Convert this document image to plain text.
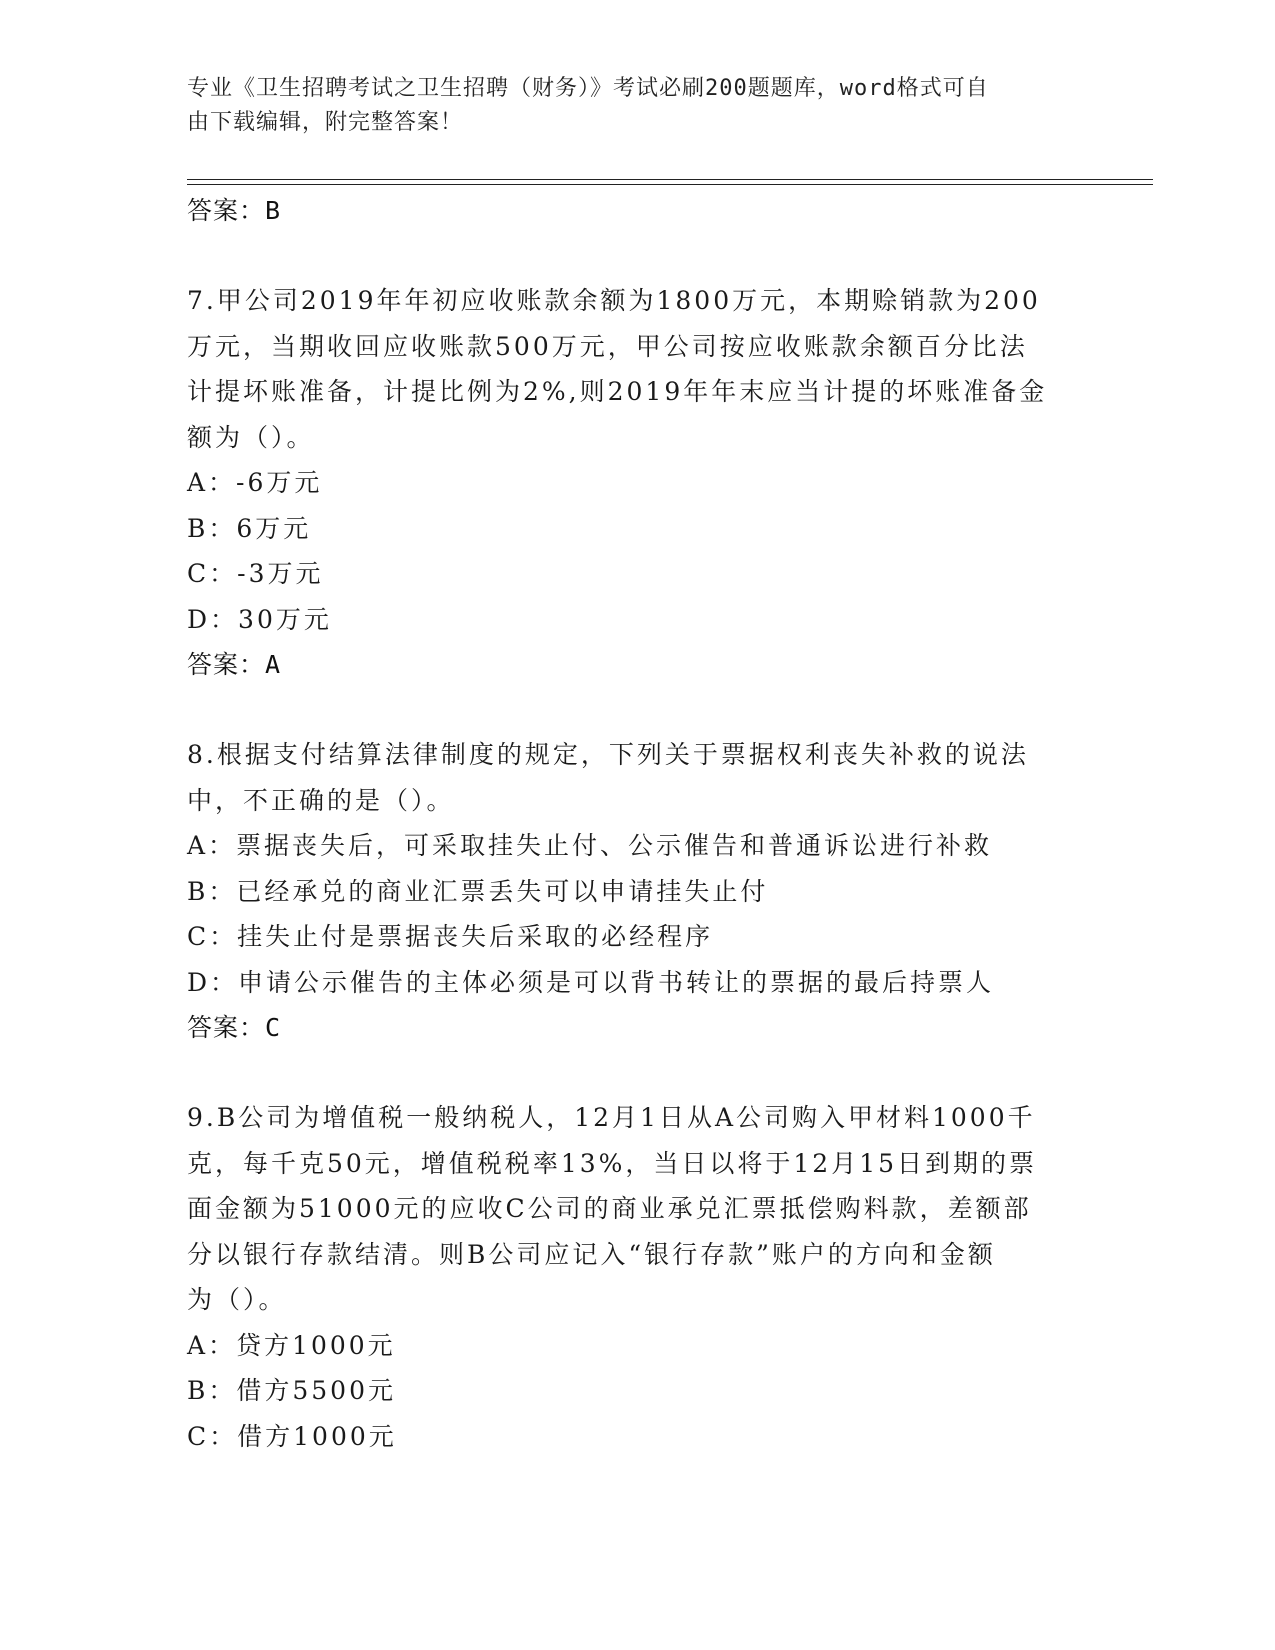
专业《卫生招聘考试之卫生招聘（财务）》考试必刷200题题库，word格式可自
由下载编辑，附完整答案！
答案：B
7.甲公司2019年年初应收账款余额为1800万元，本期赊销款为200
万元，当期收回应收账款500万元，甲公司按应收账款余额百分比法
计提坏账准备，计提比例为2%,则2019年年末应当计提的坏账准备金
额为（）。
A：-6万元
B：6万元
C：-3万元
D：30万元
答案：A
8.根据支付结算法律制度的规定，下列关于票据权利丧失补救的说法
中，不正确的是（）。
A：票据丧失后，可采取挂失止付、公示催告和普通诉讼进行补救
B：已经承兑的商业汇票丢失可以申请挂失止付
C：挂失止付是票据丧失后采取的必经程序
D：申请公示催告的主体必须是可以背书转让的票据的最后持票人
答案：C
9.B公司为增值税一般纳税人，12月1日从A公司购入甲材料1000千
克，每千克50元，增值税税率13%，当日以将于12月15日到期的票
面金额为51000元的应收C公司的商业承兑汇票抵偿购料款，差额部
分以银行存款结清。则B公司应记入“银行存款”账户的方向和金额
为（）。
A：贷方1000元
B：借方5500元
C：借方1000元
